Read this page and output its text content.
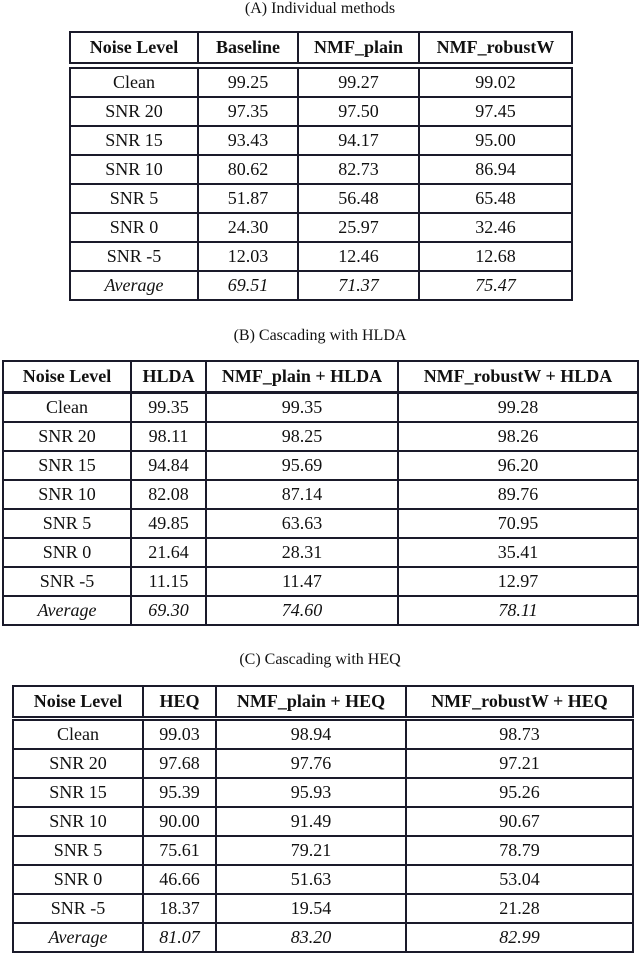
(A) Individual methods
Noise Level	Baseline	NMF_plain	NMF_robustW
Clean	99.25	99.27	99.02
SNR 20	97.35	97.50	97.45
SNR 15	93.43	94.17	95.00
SNR 10	80.62	82.73	86.94
SNR 5	51.87	56.48	65.48
SNR 0	24.30	25.97	32.46
SNR -5	12.03	12.46	12.68
Average	69.51	71.37	75.47
(B) Cascading with HLDA
Noise Level	HLDA	NMF_plain + HLDA	NMF_robustW + HLDA
Clean	99.35	99.35	99.28
SNR 20	98.11	98.25	98.26
SNR 15	94.84	95.69	96.20
SNR 10	82.08	87.14	89.76
SNR 5	49.85	63.63	70.95
SNR 0	21.64	28.31	35.41
SNR -5	11.15	11.47	12.97
Average	69.30	74.60	78.11
(C) Cascading with HEQ
Noise Level	HEQ	NMF_plain + HEQ	NMF_robustW + HEQ
Clean	99.03	98.94	98.73
SNR 20	97.68	97.76	97.21
SNR 15	95.39	95.93	95.26
SNR 10	90.00	91.49	90.67
SNR 5	75.61	79.21	78.79
SNR 0	46.66	51.63	53.04
SNR -5	18.37	19.54	21.28
Average	81.07	83.20	82.99
